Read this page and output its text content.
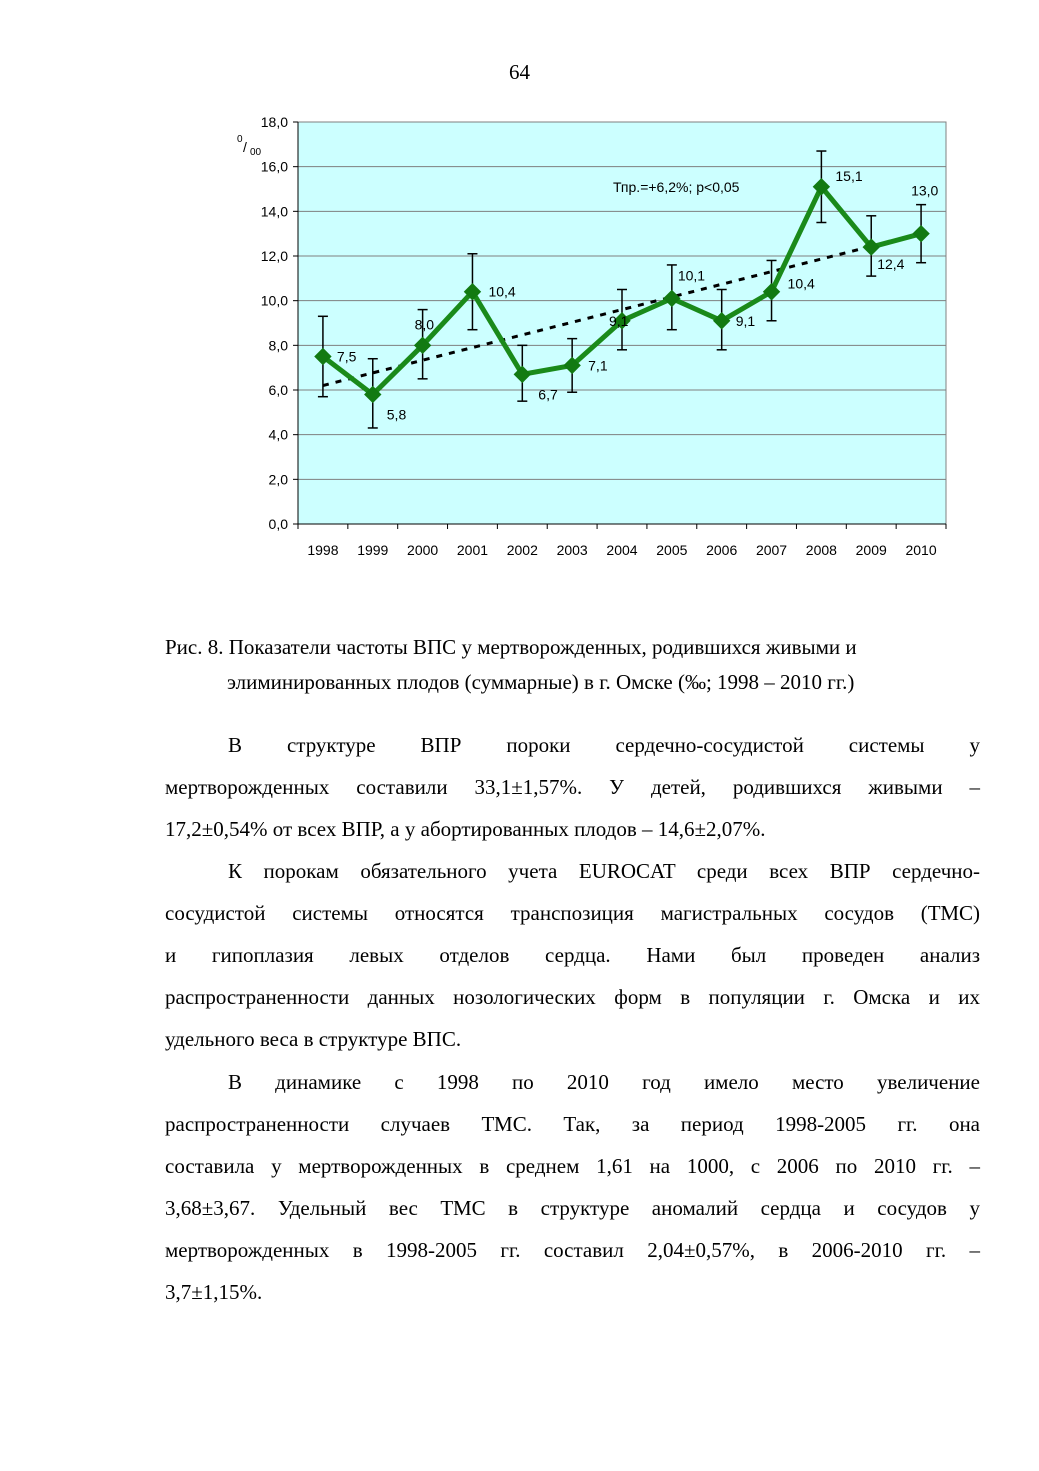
64
0,0
2,0
4,0
6,0
8,0
10,0
12,0
14,0
16,0
18,0
1998 1999 2000 2001 2002 2003 2004 2005 2006 2007 2008 2009 2010
0 / 00
7,5
5,8
8,0
10,4
6,7
7,1
9,1
10,1
9,1
10,4
15,1
12,4
13,0
Тпр.=+6,2%; p<0,05
Рис. 8. Показатели частоты ВПС у мертворожденных, родившихся живыми и
элиминированных плодов (суммарные) в г. Омске (‰; 1998 – 2010 гг.)
В структуре ВПР пороки сердечно-сосудистой системы у
мертворожденных составили 33,1±1,57%. У детей, родившихся живыми –
17,2±0,54% от всех ВПР, а у абортированных плодов – 14,6±2,07%.
К порокам обязательного учета EUROCAT среди всех ВПР сердечно-
сосудистой системы относятся транспозиция магистральных сосудов (ТМС)
и гипоплазия левых отделов сердца. Нами был проведен анализ
распространенности данных нозологических форм в популяции г. Омска и их
удельного веса в структуре ВПС.
В динамике с 1998 по 2010 год имело место увеличение
распространенности случаев ТМС. Так, за период 1998-2005 гг. она
составила у мертворожденных в среднем 1,61 на 1000, с 2006 по 2010 гг. –
3,68±3,67. Удельный вес ТМС в структуре аномалий сердца и сосудов у
мертворожденных в 1998-2005 гг. составил 2,04±0,57%, в 2006-2010 гг. –
3,7±1,15%.
